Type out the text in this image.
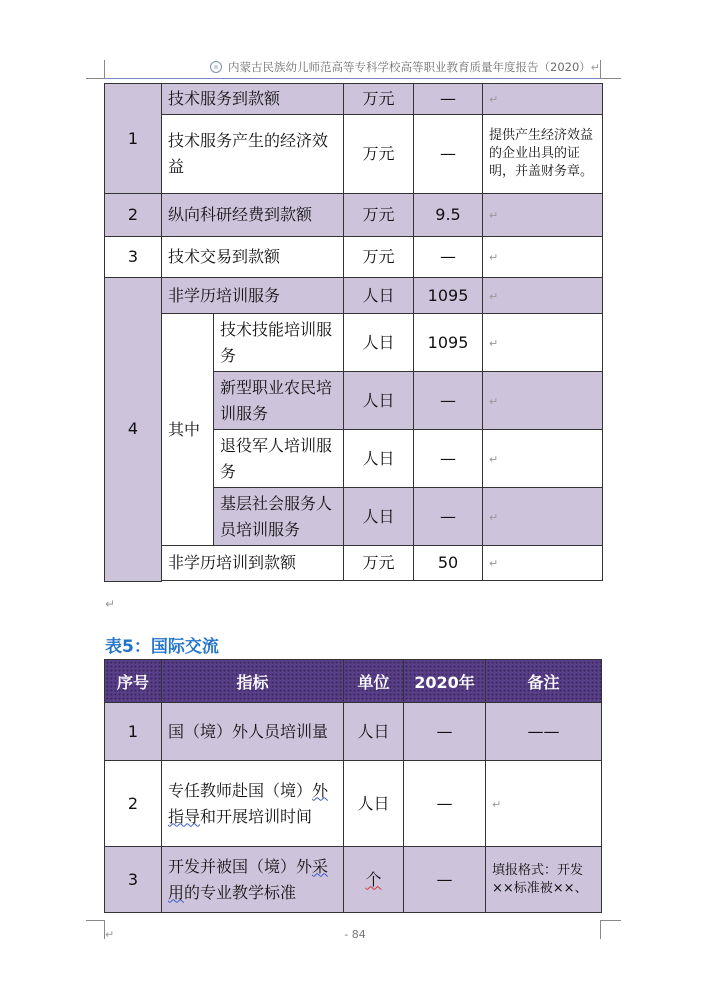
内蒙古民族幼儿师范高等专科学校高等职业教育质量年度报告（2020） ↵
1	技术服务到款额		万元	—	↵	
	技术服务产生的经济效益		万元	—	提供产生经济效益的企业出具的证明，并盖财务章。	
2	纵向科研经费到款额		万元	9.5	↵	
3	技术交易到款额		万元	—	↵	
4	非学历培训服务		人日	1095	↵	
	其中	技术技能培训服务	人日	1095	↵	
		新型职业农民培训服务	人日	—	↵	
		退役军人培训服务	人日	—	↵	
		基层社会服务人员培训服务	人日	—	↵	
	非学历培训到款额		万元	50	↵	

↵
表5：国际交流
序号	指标	单位	2020年	备注
1	国（境）外人员培训量	人日	—	——
2	专任教师赴国（境）外指导和开展培训时间	人日	—	↵
3	开发并被国（境）外采用的专业教学标准	个	—	填报格式：开发××标准被××、
↵	- 84
